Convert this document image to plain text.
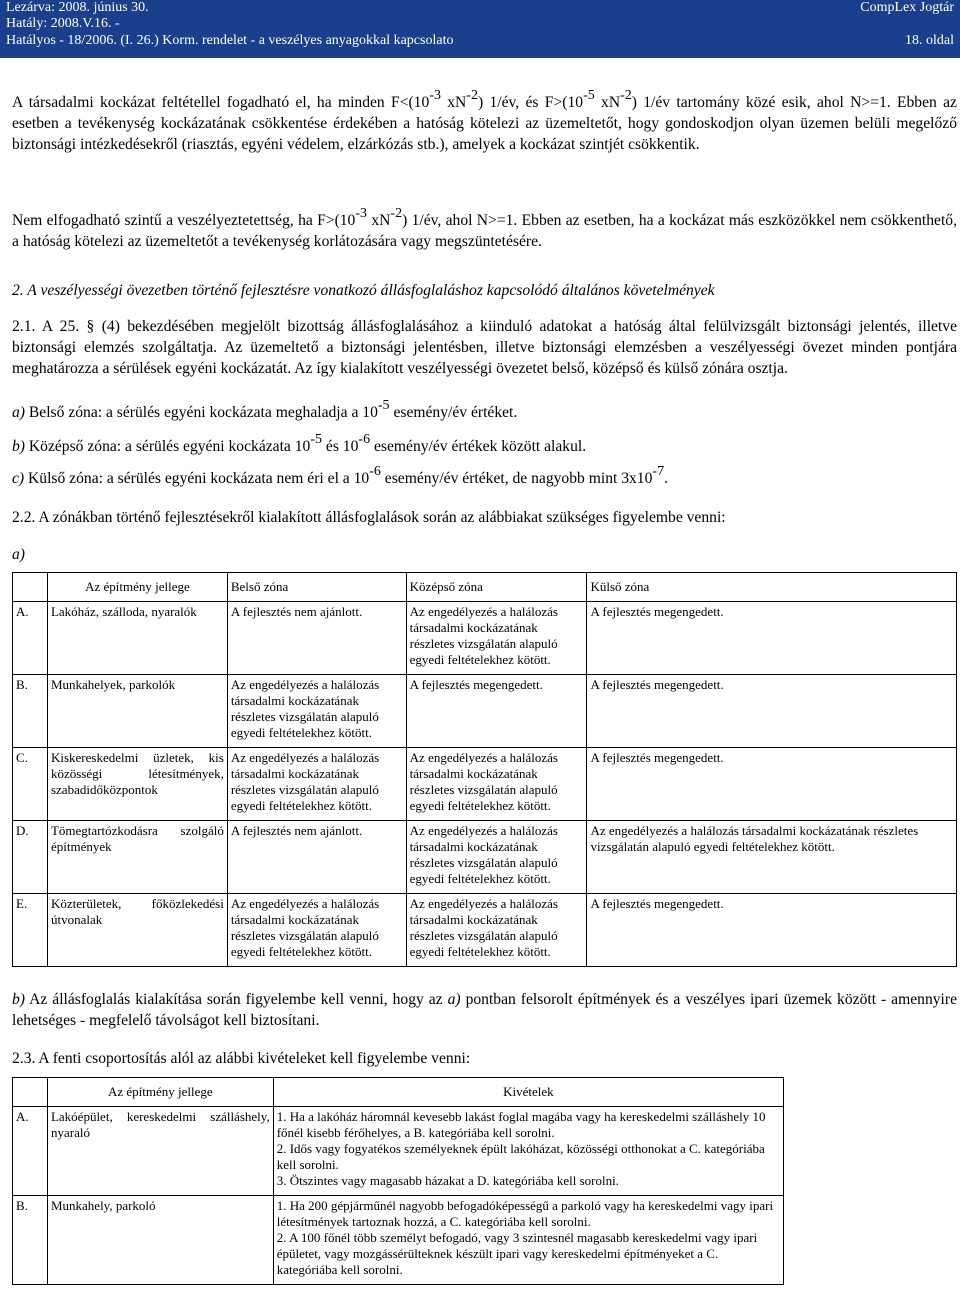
Lezárva: 2008. június 30.
Hatály: 2008.V.16. -
Hatályos - 18/2006. (I. 26.) Korm. rendelet - a veszélyes anyagokkal kapcsolato
CompLex Jogtár
18. oldal

A társadalmi kockázat feltétellel fogadható el, ha minden $F<(10^{-3}$ $xN^{-2}$) 1/év, és $F>(10^{-5}$ $xN^{-2}$) 1/év tartomány közé esik, ahol N>=1. Ebben az esetben a tevékenység kockázatának csökkentése érdekében a hatóság kötelezi az üzemeltetőt, hogy gondoskodjon olyan üzemen belüli megelőző biztonsági intézkedésekről (riasztás, egyéni védelem, elzárkózás stb.), amelyek a kockázat szintjét csökkentik.

Nem elfogadható szintű a veszélyeztetettség, ha $F>(10^{-3}$ $xN^{-2}$) 1/év, ahol N>=1. Ebben az esetben, ha a kockázat más eszközökkel nem csökkenthető, a hatóság kötelezi az üzemeltetőt a tevékenység korlátozására vagy megszüntetésére.

2. A veszélyességi övezetben történő fejlesztésre vonatkozó állásfoglaláshoz kapcsolódó általános követelmények

2.1. A 25. § (4) bekezdésében megjelölt bizottság állásfoglalásához a kiinduló adatokat a hatóság által felülvizsgált biztonsági jelentés, illetve biztonsági elemzés szolgáltatja. Az üzemeltető a biztonsági jelentésben, illetve biztonsági elemzésben a veszélyességi övezet minden pontjára meghatározza a sérülések egyéni kockázatát. Az így kialakított veszélyességi övezetet belső, középső és külső zónára osztja.

a) Belső zóna: a sérülés egyéni kockázata meghaladja a $10^{-5}$ esemény/év értéket.

b) Középső zóna: a sérülés egyéni kockázata $10^{-5}$ és $10^{-6}$ esemény/év értékek között alakul.

c) Külső zóna: a sérülés egyéni kockázata nem éri el a $10^{-6}$ esemény/év értéket, de nagyobb mint $3x10^{-7}$.

2.2. A zónákban történő fejlesztésekről kialakított állásfoglalások során az alábbiakat szükséges figyelembe venni:

a)

	Az építmény jellege	Belső zóna	Középső zóna	Külső zóna
A.	Lakóház, szálloda, nyaralók	A fejlesztés nem ajánlott.	Az engedélyezés a halálozás társadalmi kockázatának részletes vizsgálatán alapuló egyedi feltételekhez kötött.	A fejlesztés megengedett.
B.	Munkahelyek, parkolók	Az engedélyezés a halálozás társadalmi kockázatának részletes vizsgálatán alapuló egyedi feltételekhez kötött.	A fejlesztés megengedett.	A fejlesztés megengedett.
C.	Kiskereskedelmi üzletek, kis közösségi létesítmények, szabadidőközpontok	Az engedélyezés a halálozás társadalmi kockázatának részletes vizsgálatán alapuló egyedi feltételekhez kötött.	Az engedélyezés a halálozás társadalmi kockázatának részletes vizsgálatán alapuló egyedi feltételekhez kötött.	A fejlesztés megengedett.
D.	Tömegtartózkodásra szolgáló építmények	A fejlesztés nem ajánlott.	Az engedélyezés a halálozás társadalmi kockázatának részletes vizsgálatán alapuló egyedi feltételekhez kötött.	Az engedélyezés a halálozás társadalmi kockázatának részletes vizsgálatán alapuló egyedi feltételekhez kötött.
E.	Közterületek, főközlekedési útvonalak	Az engedélyezés a halálozás társadalmi kockázatának részletes vizsgálatán alapuló egyedi feltételekhez kötött.	Az engedélyezés a halálozás társadalmi kockázatának részletes vizsgálatán alapuló egyedi feltételekhez kötött.	A fejlesztés megengedett.

b) Az állásfoglalás kialakítása során figyelembe kell venni, hogy az a) pontban felsorolt építmények és a veszélyes ipari üzemek között - amennyire lehetséges - megfelelő távolságot kell biztosítani.

2.3. A fenti csoportosítás alól az alábbi kivételeket kell figyelembe venni:

	Az építmény jellege	Kivételek
A.	Lakóépület, kereskedelmi szálláshely, nyaraló	1. Ha a lakóház háromnál kevesebb lakást foglal magába vagy ha kereskedelmi szálláshely 10 főnél kisebb férőhelyes, a B. kategóriába kell sorolni.
2. Idős vagy fogyatékos személyeknek épült lakóházat, közösségi otthonokat a C. kategóriába kell sorolni.
3. Ötszintes vagy magasabb házakat a D. kategóriába kell sorolni.

B.	Munkahely, parkoló	1. Ha 200 gépjárműnél nagyobb befogadóképességű a parkoló vagy ha kereskedelmi vagy ipari létesítmények tartoznak hozzá, a C. kategóriába kell sorolni.
2. A 100 főnél több személyt befogadó, vagy 3 szintesnél magasabb kereskedelmi vagy ipari épületet, vagy mozgássérülteknek készült ipari vagy kereskedelmi építményeket a C. kategóriába kell sorolni.
